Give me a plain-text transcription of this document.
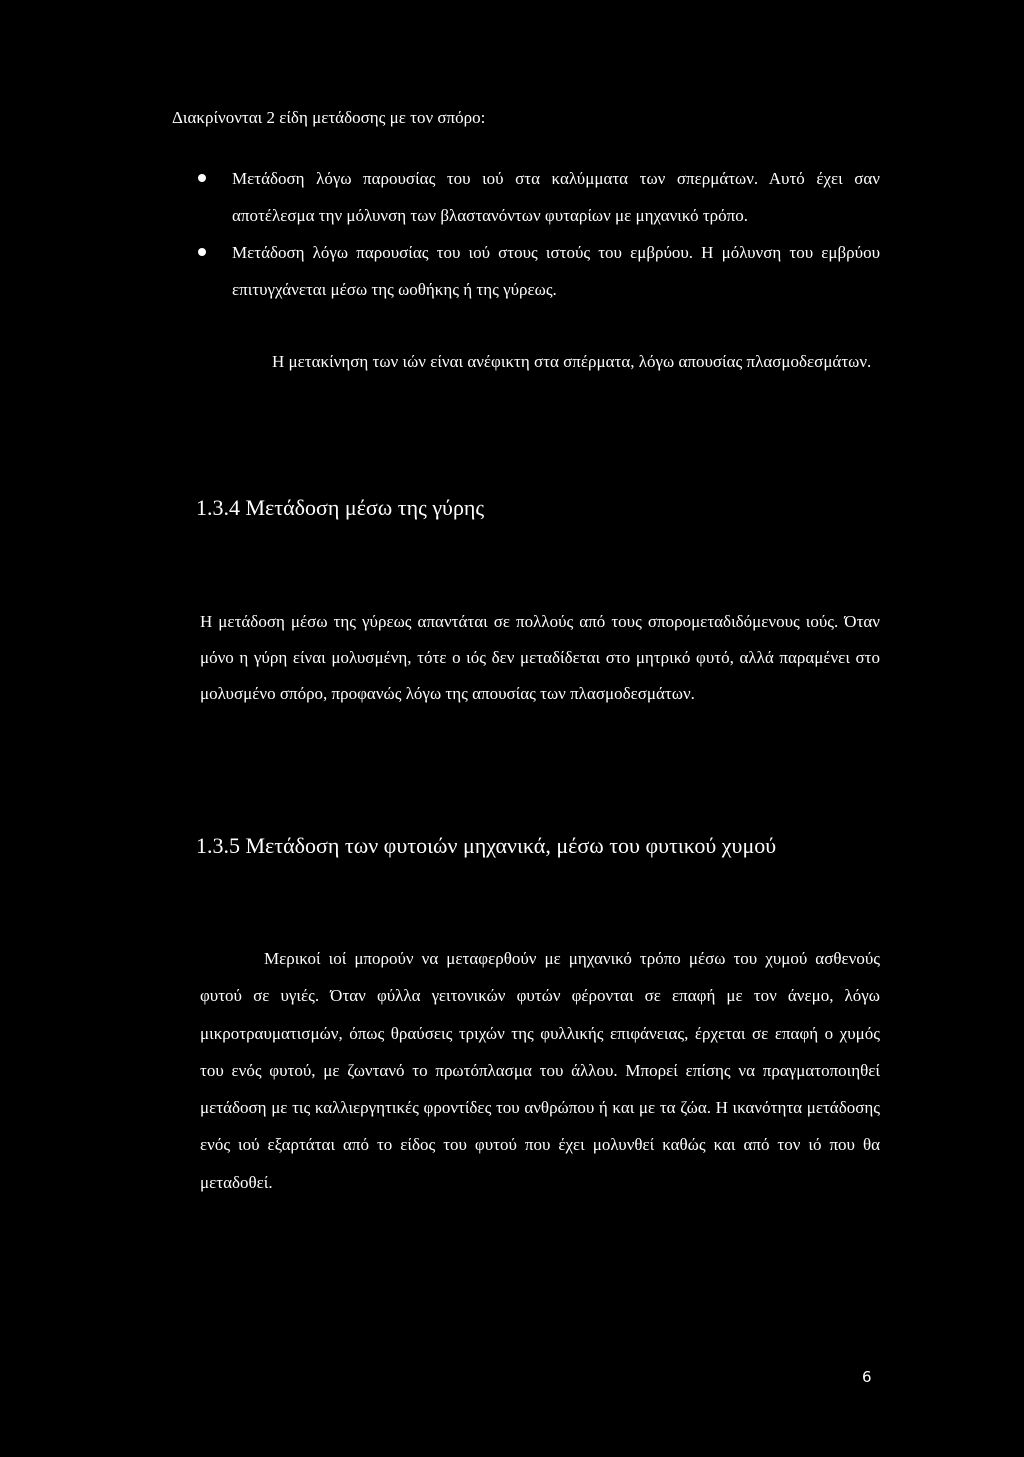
Διακρίνονται 2 είδη μετάδοσης με τον σπόρο:
Μετάδοση λόγω παρουσίας του ιού στα καλύμματα των σπερμάτων. Αυτό έχει σαν αποτέλεσμα την μόλυνση των βλαστανόντων φυταρίων με μηχανικό τρόπο.
Μετάδοση λόγω παρουσίας του ιού στους ιστούς του εμβρύου. Η μόλυνση του εμβρύου επιτυγχάνεται μέσω της ωοθήκης ή της γύρεως.
Η μετακίνηση των ιών είναι ανέφικτη στα σπέρματα, λόγω απουσίας πλασμοδεσμάτων.
1.3.4 Μετάδοση μέσω της γύρης
Η μετάδοση μέσω της γύρεως απαντάται σε πολλούς από τους σπορομεταδιδόμενους ιούς. Όταν μόνο η γύρη είναι μολυσμένη, τότε ο ιός δεν μεταδίδεται στο μητρικό φυτό, αλλά παραμένει στο μολυσμένο σπόρο, προφανώς λόγω της απουσίας των πλασμοδεσμάτων.
1.3.5 Μετάδοση των φυτοιών μηχανικά, μέσω του φυτικού χυμού
Μερικοί ιοί μπορούν να μεταφερθούν με μηχανικό τρόπο μέσω του χυμού ασθενούς φυτού σε υγιές. Όταν φύλλα γειτονικών φυτών φέρονται σε επαφή με τον άνεμο, λόγω μικροτραυματισμών, όπως θραύσεις τριχών της φυλλικής επιφάνειας, έρχεται σε επαφή ο χυμός του ενός φυτού, με ζωντανό το πρωτόπλασμα του άλλου. Μπορεί επίσης να πραγματοποιηθεί μετάδοση με τις καλλιεργητικές φροντίδες του ανθρώπου ή και με τα ζώα. Η ικανότητα μετάδοσης ενός ιού εξαρτάται από το είδος του φυτού που έχει μολυνθεί καθώς και από τον ιό που θα μεταδοθεί.
6
